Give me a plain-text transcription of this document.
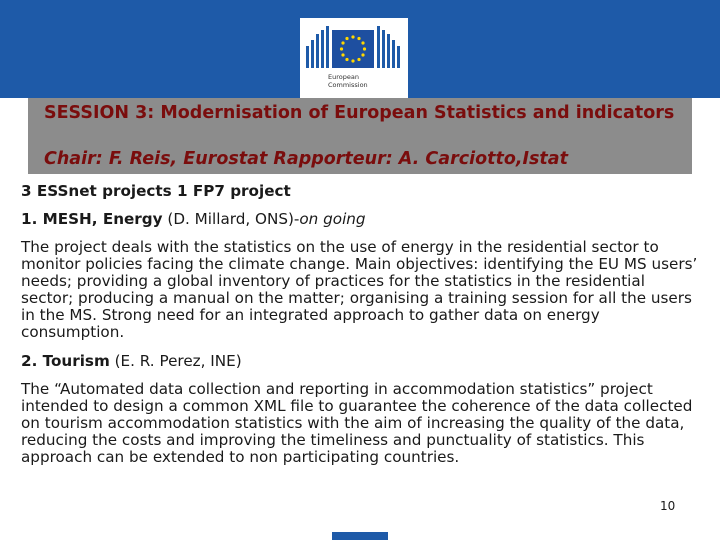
European
Commission
SESSION 3: Modernisation of European Statistics and indicators
Chair: F. Reis, Eurostat Rapporteur: A. Carciotto,Istat

3 ESSnet projects 1 FP7 project

1. MESH, Energy (D. Millard, ONS)-on going

The project deals with the statistics on the use of energy in the residential sector to monitor policies facing the climate change. Main objectives: identifying the EU MS users’ needs; providing a global inventory of practices for the statistics in the residential sector; producing a manual on the matter; organising a training session for all the users in the MS. Strong need for an integrated approach to gather data on energy consumption.

2. Tourism (E. R. Perez, INE)

The “Automated data collection and reporting in accommodation statistics” project intended to design a common XML file to guarantee the coherence of the data collected on tourism accommodation statistics with the aim of increasing the quality of the data, reducing the costs and improving the timeliness and punctuality of statistics. This approach can be extended to non participating countries.

10
